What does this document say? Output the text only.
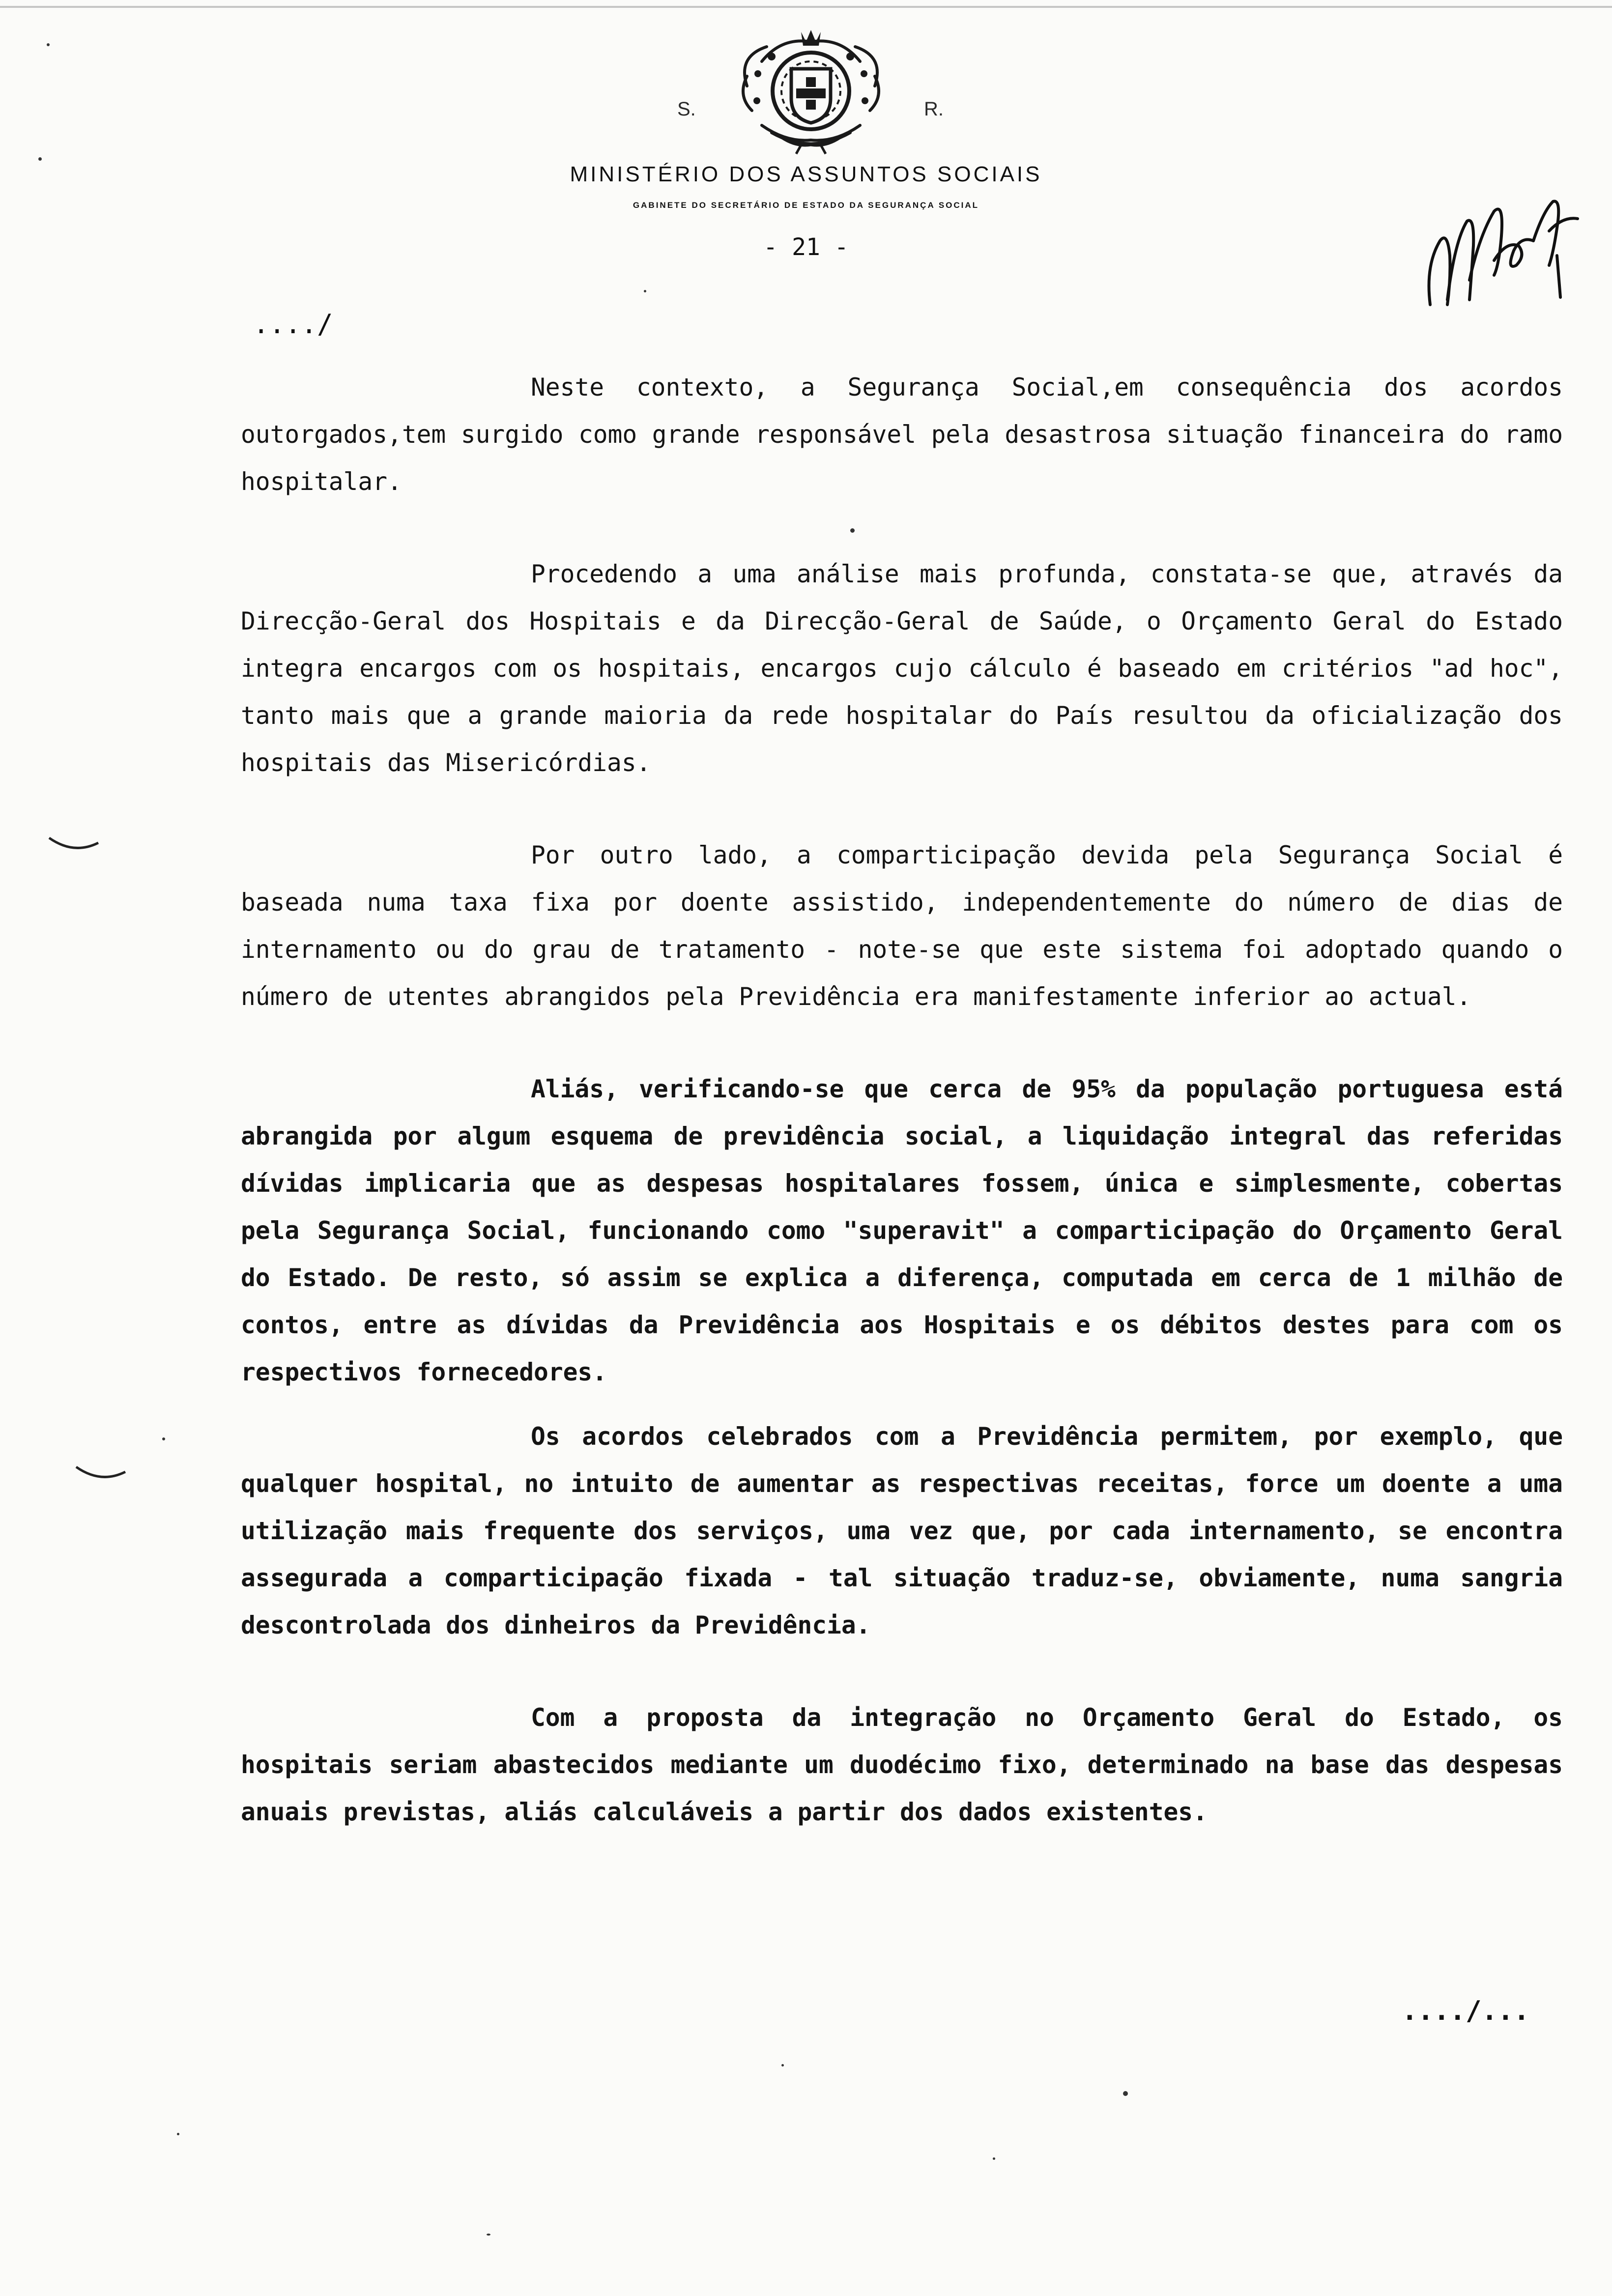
S.	R.
MINISTÉRIO DOS ASSUNTOS SOCIAIS
GABINETE DO SECRETÁRIO DE ESTADO DA SEGURANÇA SOCIAL
- 21 -
..../

Neste contexto, a Segurança Social,em consequência dos acordos outorgados,tem surgido como grande responsável pela desastrosa situação financeira do ramo hospitalar.

Procedendo a uma análise mais profunda, constata-se que, através da Direcção-Geral dos Hospitais e da Direcção-Geral de Saúde, o Orçamento Geral do Estado integra encargos com os hospitais, encargos cujo cálculo é baseado em critérios "ad hoc", tanto mais que a grande maioria da rede hospitalar do País resultou da oficialização dos hospitais das Misericórdias.

Por outro lado, a comparticipação devida pela Segurança Social é baseada numa taxa fixa por doente assistido, independentemente do número de dias de internamento ou do grau de tratamento - note-se que este sistema foi adoptado quando o número de utentes abrangidos pela Previdência era manifestamente inferior ao actual.

Aliás, verificando-se que cerca de 95% da população portuguesa está abrangida por algum esquema de previdência social, a liquidação integral das referidas dívidas implicaria que as despesas hospitalares fossem, única e simplesmente, cobertas pela Segurança Social, funcionando como "superavit" a comparticipação do Orçamento Geral do Estado. De resto, só assim se explica a diferença, computada em cerca de 1 milhão de contos, entre as dívidas da Previdência aos Hospitais e os débitos destes para com os respectivos fornecedores.

Os acordos celebrados com a Previdência permitem, por exemplo, que qualquer hospital, no intuito de aumentar as respectivas receitas, force um doente a uma utilização mais frequente dos serviços, uma vez que, por cada internamento, se encontra assegurada a comparticipação fixada - tal situação traduz-se, obviamente, numa sangria descontrolada dos dinheiros da Previdência.

Com a proposta da integração no Orçamento Geral do Estado, os hospitais seriam abastecidos mediante um duodécimo fixo, determinado na base das despesas anuais previstas, aliás calculáveis a partir dos dados existentes.

..../...
